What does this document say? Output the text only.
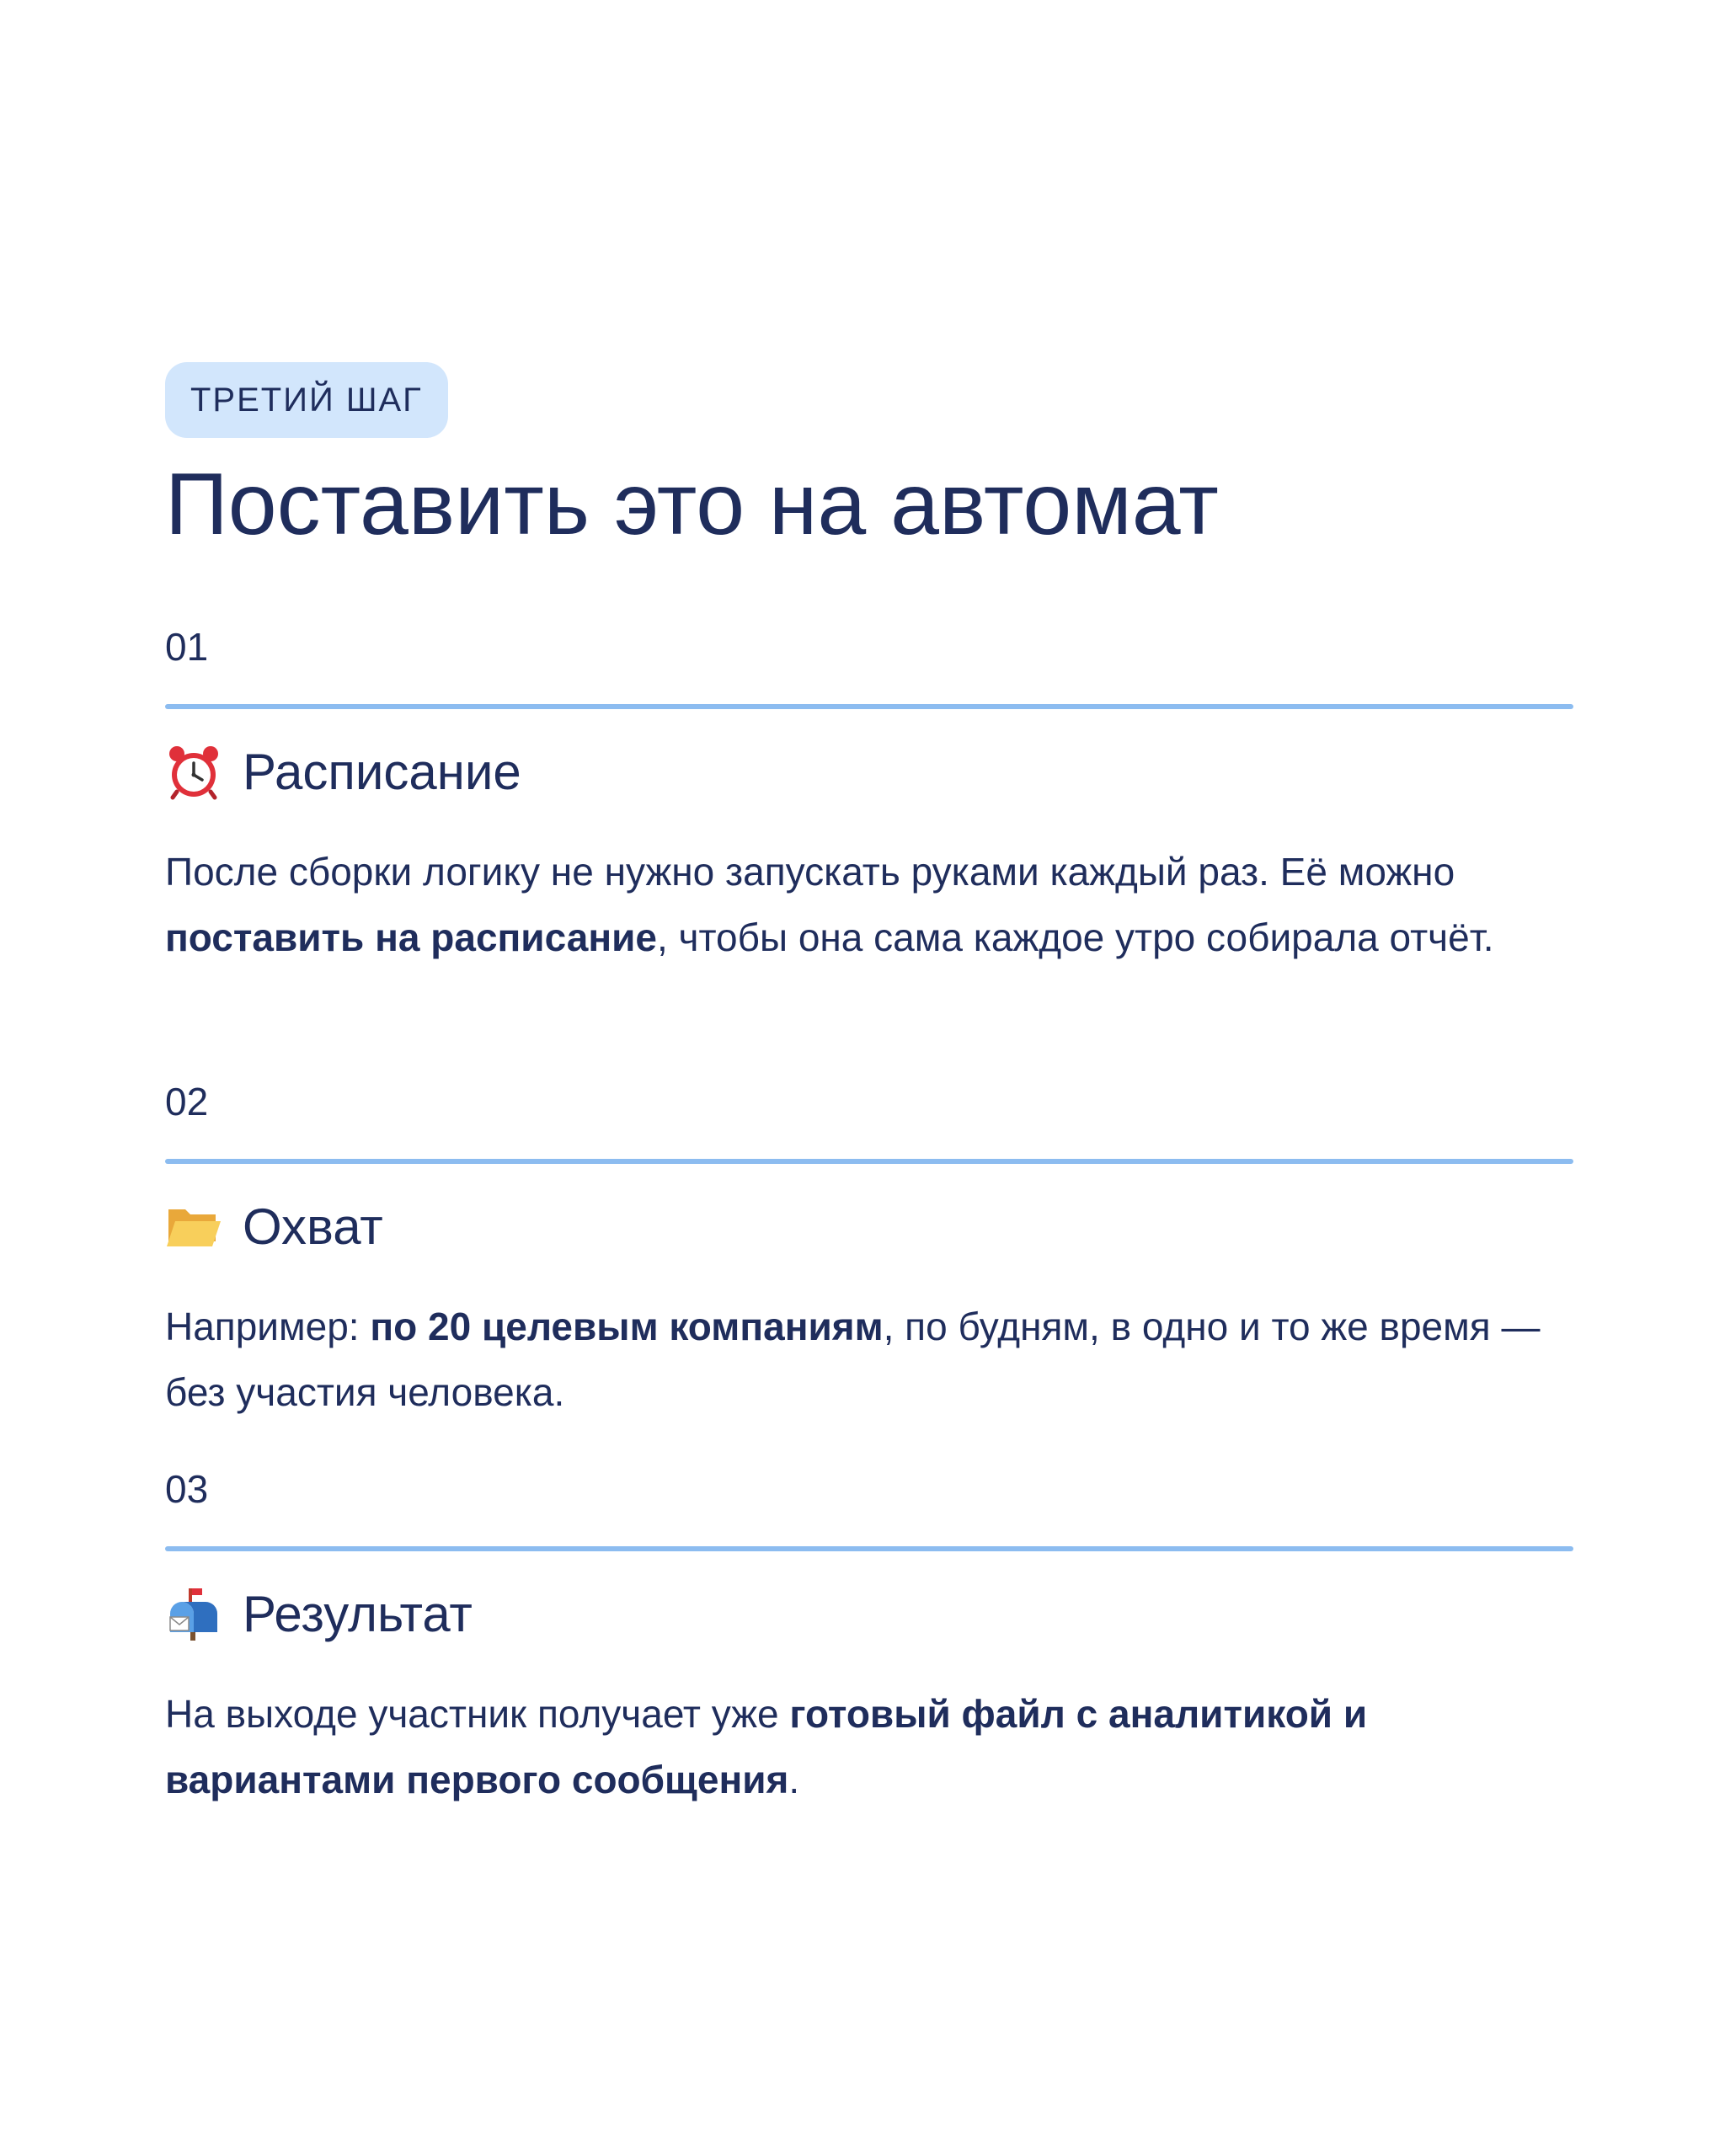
ТРЕТИЙ ШАГ
Поставить это на автомат
01
Расписание
После сборки логику не нужно запускать руками каждый раз. Её можно поставить на расписание, чтобы она сама каждое утро собирала отчёт.
02
Охват
Например: по 20 целевым компаниям, по будням, в одно и то же время — без участия человека.
03
Результат
На выходе участник получает уже готовый файл с аналитикой и вариантами первого сообщения.
